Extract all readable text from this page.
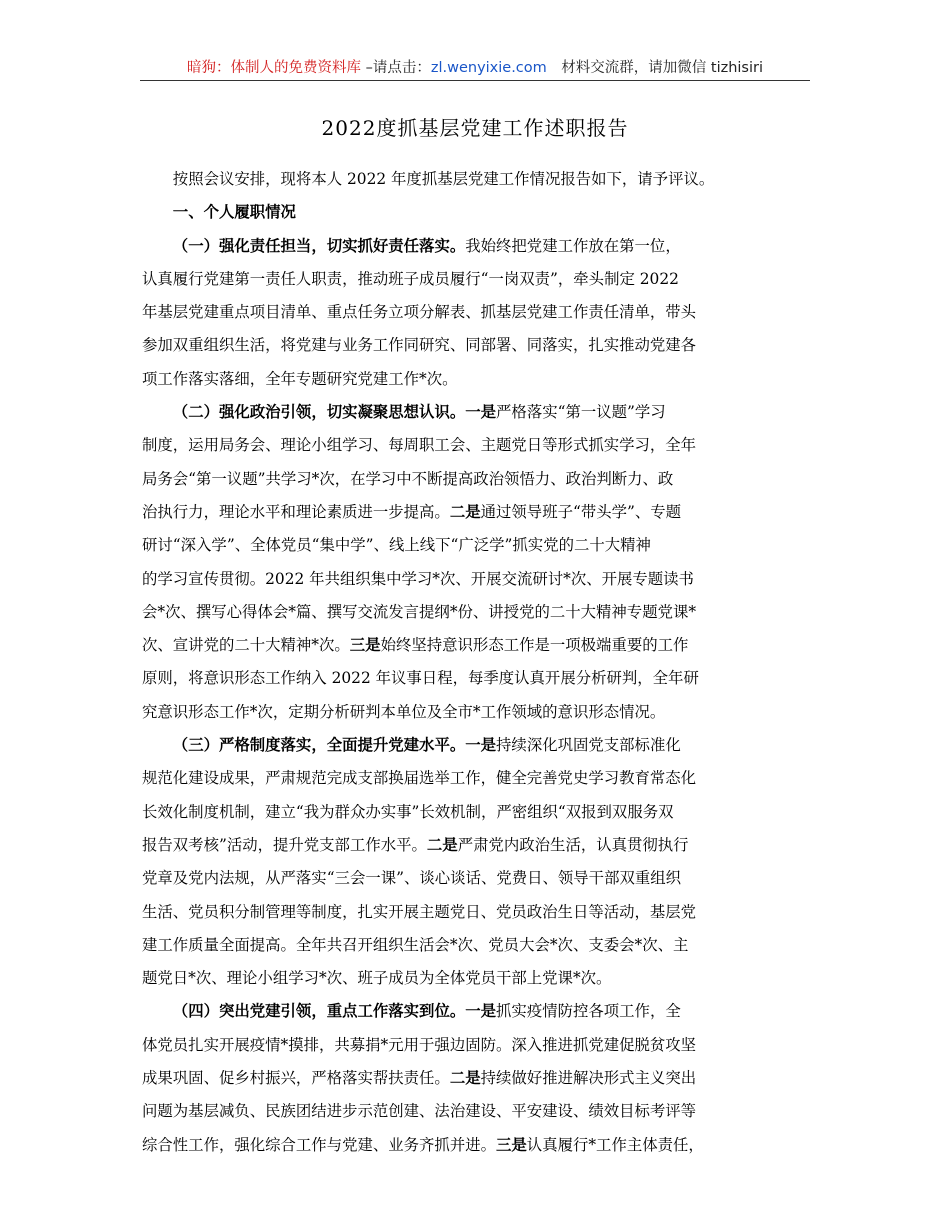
暗狗：体制人的免费资料库 –请点击：zl.wenyixie.com　材料交流群，请加微信 tizhisiri
2022度抓基层党建工作述职报告

按照会议安排，现将本人 2022 年度抓基层党建工作情况报告如下，请予评议。

一、个人履职情况

（一）强化责任担当，切实抓好责任落实。我始终把党建工作放在第一位，

认真履行党建第一责任人职责，推动班子成员履行“一岗双责”，牵头制定 2022
年基层党建重点项目清单、重点任务立项分解表、抓基层党建工作责任清单，带头
参加双重组织生活，将党建与业务工作同研究、同部署、同落实，扎实推动党建各
项工作落实落细，全年专题研究党建工作*次。

（二）强化政治引领，切实凝聚思想认识。一是严格落实“第一议题”学习

制度，运用局务会、理论小组学习、每周职工会、主题党日等形式抓实学习，全年
局务会“第一议题”共学习*次，在学习中不断提高政治领悟力、政治判断力、政
治执行力，理论水平和理论素质进一步提高。二是通过领导班子“带头学”、专题
研讨“深入学”、全体党员“集中学”、线上线下“广泛学”抓实党的二十大精神
的学习宣传贯彻。2022 年共组织集中学习*次、开展交流研讨*次、开展专题读书
会*次、撰写心得体会*篇、撰写交流发言提纲*份、讲授党的二十大精神专题党课*
次、宣讲党的二十大精神*次。三是始终坚持意识形态工作是一项极端重要的工作
原则，将意识形态工作纳入 2022 年议事日程，每季度认真开展分析研判，全年研
究意识形态工作*次，定期分析研判本单位及全市*工作领域的意识形态情况。

（三）严格制度落实，全面提升党建水平。一是持续深化巩固党支部标准化

规范化建设成果，严肃规范完成支部换届选举工作，健全完善党史学习教育常态化
长效化制度机制，建立“我为群众办实事”长效机制，严密组织“双报到双服务双
报告双考核”活动，提升党支部工作水平。二是严肃党内政治生活，认真贯彻执行
党章及党内法规，从严落实“三会一课”、谈心谈话、党费日、领导干部双重组织
生活、党员积分制管理等制度，扎实开展主题党日、党员政治生日等活动，基层党
建工作质量全面提高。全年共召开组织生活会*次、党员大会*次、支委会*次、主
题党日*次、理论小组学习*次、班子成员为全体党员干部上党课*次。

（四）突出党建引领，重点工作落实到位。一是抓实疫情防控各项工作，全

体党员扎实开展疫情*摸排，共募捐*元用于强边固防。深入推进抓党建促脱贫攻坚
成果巩固、促乡村振兴，严格落实帮扶责任。二是持续做好推进解决形式主义突出
问题为基层减负、民族团结进步示范创建、法治建设、平安建设、绩效目标考评等
综合性工作，强化综合工作与党建、业务齐抓并进。三是认真履行*工作主体责任，
